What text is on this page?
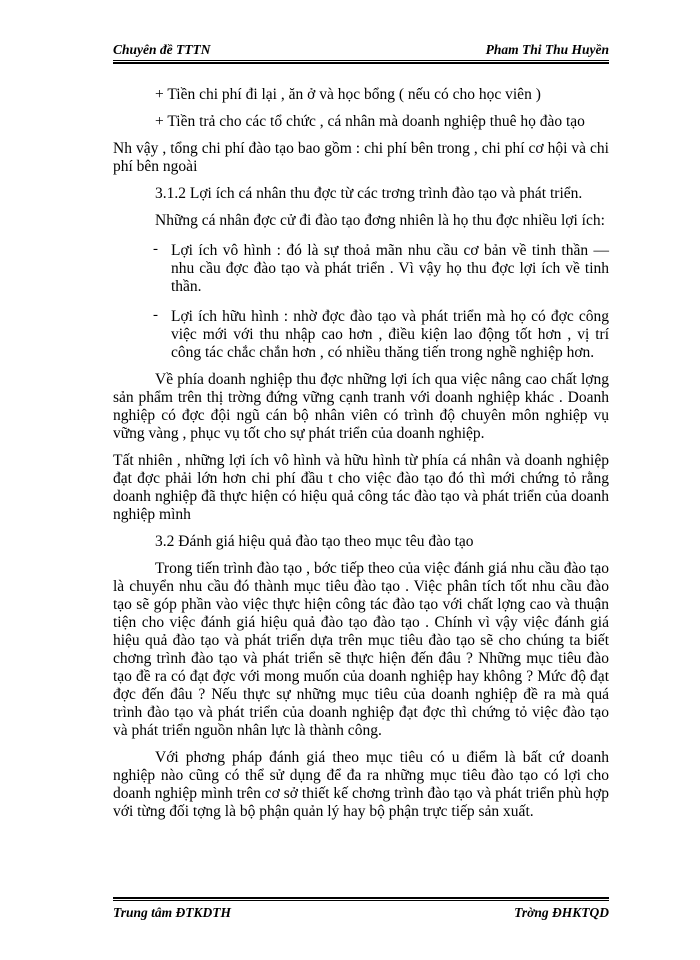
Chuyên đề TTTN	Pham Thi Thu Huyền

+ Tiền chi phí đi lại , ăn ở và học bổng ( nếu có cho học viên )

+ Tiền trả cho các tổ chức , cá nhân mà doanh nghiệp thuê họ đào tạo

Nh vậy , tổng chi phí đào tạo bao gồm : chi phí bên trong , chi phí cơ hội và chi phí bên ngoài

3.1.2 Lợi ích cá nhân thu đợc từ các trơng trình đào tạo và phát triển.

Những cá nhân đợc cử đi đào tạo đơng nhiên là họ thu đợc nhiều lợi ích:

- Lợi ích vô hình : đó là sự thoả mãn nhu cầu cơ bản về tinh thần — nhu cầu đợc đào tạo và phát triển . Vì vậy họ thu đợc lợi ích về tinh thần.

- Lợi ích hữu hình : nhờ đợc đào tạo và phát triển mà họ có đợc công việc mới với thu nhập cao hơn , điều kiện lao động tốt hơn , vị trí công tác chắc chắn hơn , có nhiều thăng tiến trong nghề nghiệp hơn.

Về phía doanh nghiệp thu đợc những lợi ích qua việc nâng cao chất lợng sản phẩm trên thị trờng đứng vững cạnh tranh với doanh nghiệp khác . Doanh nghiệp có đợc đội ngũ cán bộ nhân viên có trình độ chuyên môn nghiệp vụ vững vàng , phục vụ tốt cho sự phát triển của doanh nghiệp.

Tất nhiên , những lợi ích vô hình và hữu hình từ phía cá nhân và doanh nghiệp đạt đợc phải lớn hơn chi phí đầu t cho việc đào tạo đó thì mới chứng tỏ rằng doanh nghiệp đã thực hiện có hiệu quả công tác đào tạo và phát triển của doanh nghiệp mình

3.2 Đánh giá hiệu quả đào tạo theo mục têu đào tạo

Trong tiến trình đào tạo , bớc tiếp theo của việc đánh giá nhu cầu đào tạo là chuyển nhu cầu đó thành mục tiêu đào tạo . Việc phân tích tốt nhu cầu đào tạo sẽ góp phần vào việc thực hiện công tác đào tạo với chất lợng cao và thuận tiện cho việc đánh giá hiệu quả đào tạo đào tạo . Chính vì vậy việc đánh giá hiệu quả đào tạo và phát triển dựa trên mục tiêu đào tạo sẽ cho chúng ta biết chơng trình đào tạo và phát triển sẽ thực hiện đến đâu ? Những mục tiêu đào tạo đề ra có đạt đợc với mong muốn của doanh nghiệp hay không ? Mức độ đạt đợc đến đâu ? Nếu thực sự những mục tiêu của doanh nghiệp đề ra mà quá trình đào tạo và phát triển của doanh nghiệp đạt đợc thì chứng tỏ việc đào tạo và phát triển nguồn nhân lực là thành công.

Với phơng pháp đánh giá theo mục tiêu có u điểm là bất cứ doanh nghiệp nào cũng có thể sử dụng để đa ra những mục tiêu đào tạo có lợi cho doanh nghiệp mình trên cơ sở thiết kế chơng trình đào tạo và phát triển phù hợp với từng đối tợng là bộ phận quản lý hay bộ phận trực tiếp sản xuất.

Trung tâm ĐTKDTH	Trờng ĐHKTQD
